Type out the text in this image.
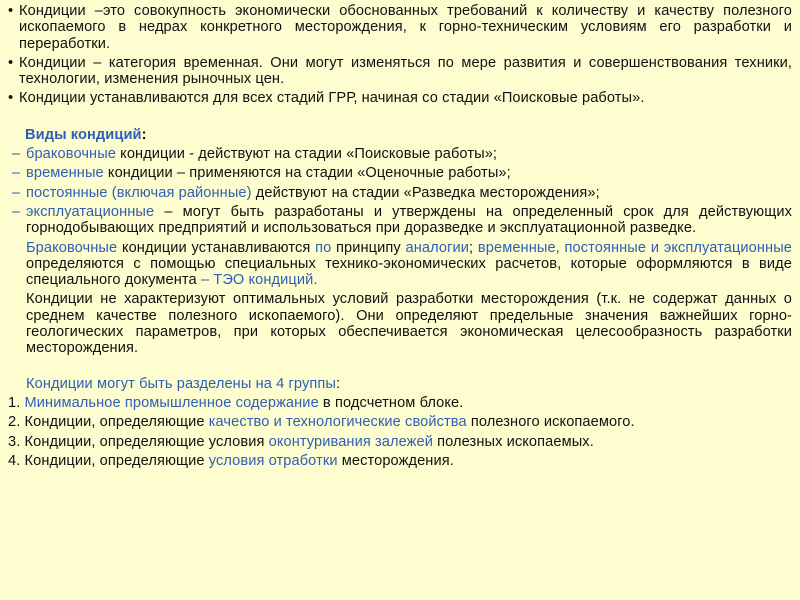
• Кондиции –это совокупность экономически обоснованных требований к количеству и качеству полезного ископаемого в недрах конкретного месторождения, к горно-техническим условиям его разработки и переработки.

• Кондиции – категория временная. Они могут изменяться по мере развития и совершенствования техники, технологии, изменения рыночных цен.

• Кондиции устанавливаются для всех стадий ГРР, начиная со стадии «Поисковые работы».

Виды кондиций:

– браковочные кондиции - действуют на стадии «Поисковые работы»;

– временные кондиции – применяются на стадии «Оценочные работы»;

– постоянные (включая районные) действуют на стадии «Разведка месторождения»;

– эксплуатационные – могут быть разработаны и утверждены на определенный срок для действующих горнодобывающих предприятий и использоваться при доразведке и эксплуатационной разведке.

Браковочные кондиции устанавливаются по принципу аналогии; временные, постоянные и эксплуатационные определяются с помощью специальных технико-экономических расчетов, которые оформляются в виде специального документа – ТЭО кондиций.

Кондиции не характеризуют оптимальных условий разработки месторождения (т.к. не содержат данных о среднем качестве полезного ископаемого). Они определяют предельные значения важнейших горно-геологических параметров, при которых обеспечивается экономическая целесообразность разработки месторождения.

Кондиции могут быть разделены на 4 группы:

1. Минимальное промышленное содержание в подсчетном блоке.

2. Кондиции, определяющие качество и технологические свойства полезного ископаемого.

3. Кондиции, определяющие условия оконтуривания залежей полезных ископаемых.

4. Кондиции, определяющие условия отработки месторождения.
